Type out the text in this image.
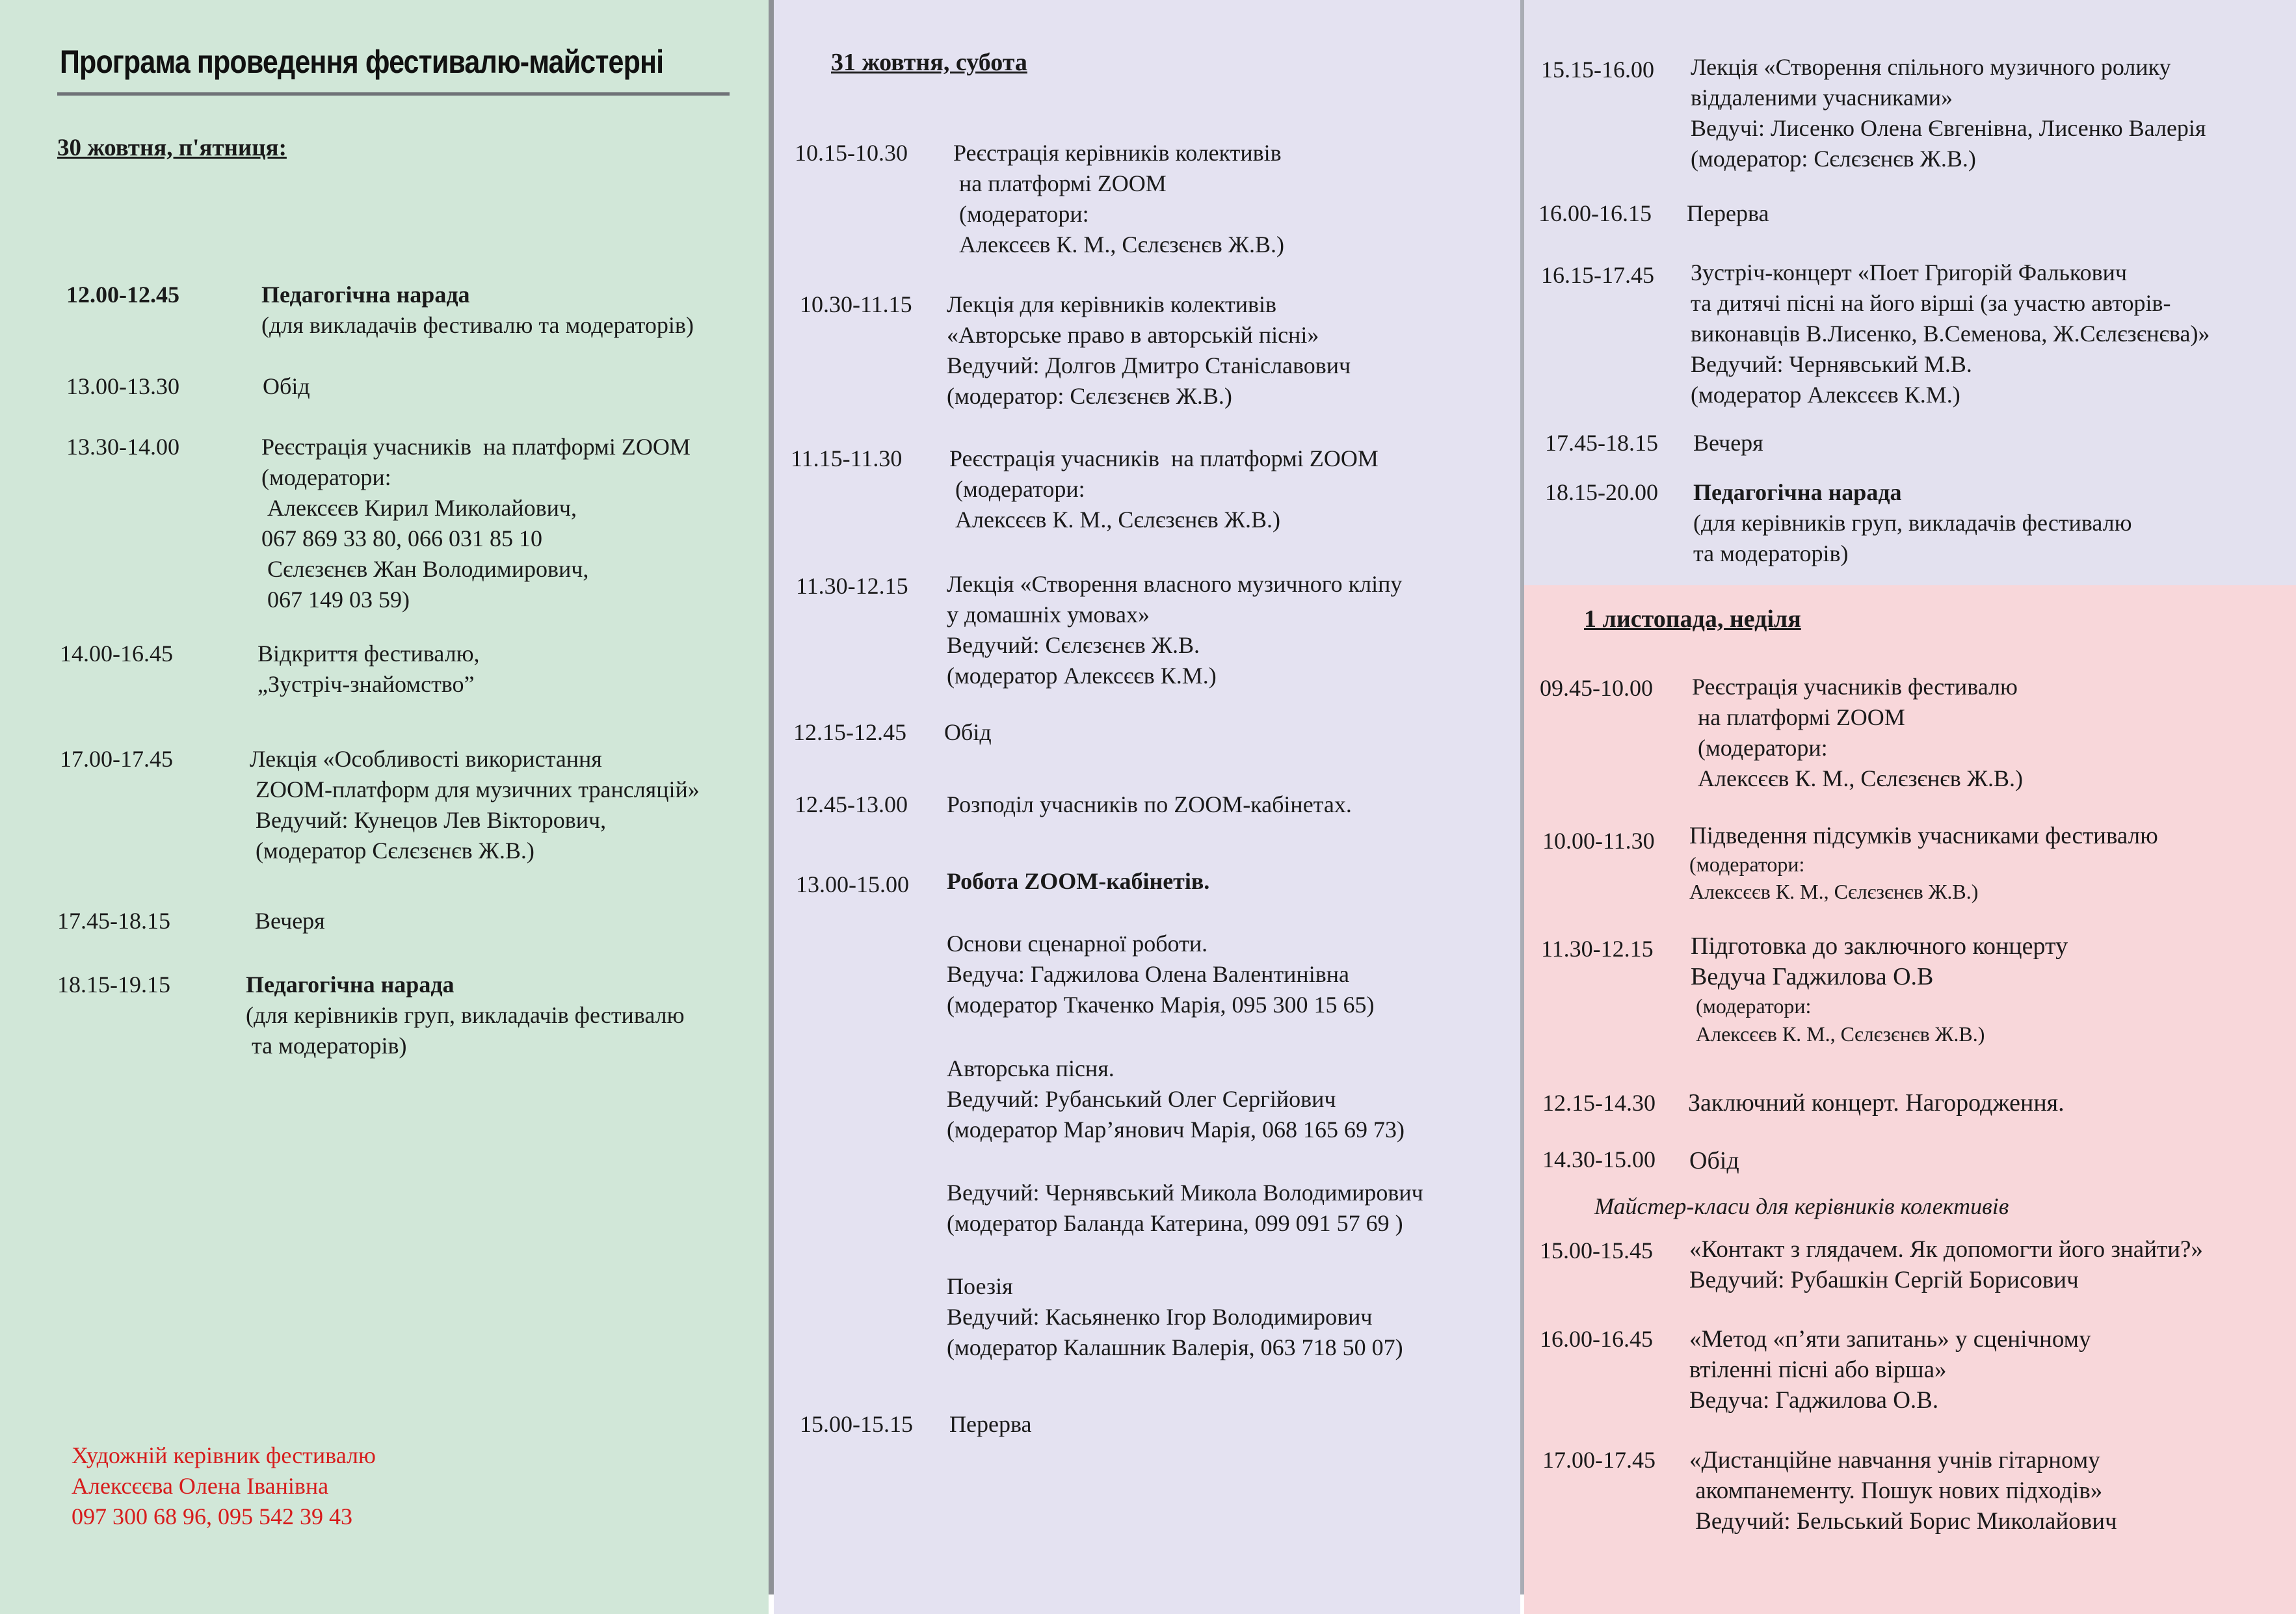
Програма проведення фестивалю-майстерні
30 жовтня, п'ятниця:
12.00-12.45	Педагогічна нарада
(для викладачів фестивалю та модераторів)
13.00-13.30	Обід
13.30-14.00	Реєстрація учасників  на платформі ZOOM
(модератори:
Алексєєв Кирил Миколайович,
067 869 33 80, 066 031 85 10
Сєлєзєнєв Жан Володимирович,
067 149 03 59)
14.00-16.45	Відкриття фестивалю,
„Зустріч-знайомство”
17.00-17.45	Лекція «Особливості використання
ZOOM-платформ для музичних трансляцій»
Ведучий: Кунецов Лев Вікторович,
(модератор Сєлєзєнєв Ж.В.)
17.45-18.15	Вечеря
18.15-19.15	Педагогічна нарада
(для керівників груп, викладачів фестивалю
та модераторів)
Художній керівник фестивалю
Алексєєва Олена Іванівна
097 300 68 96, 095 542 39 43
31 жовтня, субота
10.15-10.30 Реєстрація керівників колективів
на платформі ZOOM
(модератори:
Алексєєв К. М., Сєлєзєнєв Ж.В.)
10.30-11.15 Лекція для керівників колективів
«Авторське право в авторській пісні»
Ведучий: Долгов Дмитро Станіславович
(модератор: Сєлєзєнєв Ж.В.)
11.15-11.30 Реєстрація учасників  на платформі ZOOM
(модератори:
Алексєєв К. М., Сєлєзєнєв Ж.В.)
11.30-12.15 Лекція «Створення власного музичного кліпу
у домашніх умовах»
Ведучий: Сєлєзєнєв Ж.В.
(модератор Алексєєв К.М.)
12.15-12.45 Обід
12.45-13.00 Розподіл учасників по ZOOM-кабінетах.
13.00-15.00 Робота ZOOM-кабінетів.
Основи сценарної роботи.
Ведуча: Гаджилова Олена Валентинівна
(модератор Ткаченко Марія, 095 300 15 65)
Авторська пісня.
Ведучий: Рубанський Олег Сергійович
(модератор Мар’янович Марія, 068 165 69 73)
Ведучий: Чернявський Микола Володимирович
(модератор Баланда Катерина, 099 091 57 69 )
Поезія
Ведучий: Касьяненко Ігор Володимирович
(модератор Калашник Валерія, 063 718 50 07)
15.00-15.15 Перерва
15.15-16.00 Лекція «Створення спільного музичного ролику
віддаленими учасниками»
Ведучі: Лисенко Олена Євгенівна, Лисенко Валерія
(модератор: Сєлєзєнєв Ж.В.)
16.00-16.15 Перерва
16.15-17.45 Зустріч-концерт «Поет Григорій Фалькович
та дитячі пісні на його вірші (за участю авторів-
виконавців В.Лисенко, В.Семенова, Ж.Сєлєзєнєва)»
Ведучий: Чернявський М.В.
(модератор Алексєєв К.М.)
17.45-18.15 Вечеря
18.15-20.00 Педагогічна нарада
(для керівників груп, викладачів фестивалю
та модераторів)
1 листопада, неділя
09.45-10.00 Реєстрація учасників фестивалю
на платформі ZOOM
(модератори:
Алексєєв К. М., Сєлєзєнєв Ж.В.)
10.00-11.30 Підведення підсумків учасниками фестивалю
(модератори:
Алексєєв К. М., Сєлєзєнєв Ж.В.)
11.30-12.15 Підготовка до заключного концерту
Ведуча Гаджилова О.В
(модератори:
Алексєєв К. М., Сєлєзєнєв Ж.В.)
12.15-14.30 Заключний концерт. Нагородження.
14.30-15.00 Обід
Майстер-класи для керівників колективів
15.00-15.45 «Контакт з глядачем. Як допомогти його знайти?»
Ведучий: Рубашкін Сергій Борисович
16.00-16.45 «Метод «п’яти запитань» у сценічному
втіленні пісні або вірша»
Ведуча: Гаджилова О.В.
17.00-17.45 «Дистанційне навчання учнів гітарному
акомпанементу. Пошук нових підходів»
Ведучий: Бельський Борис Миколайович
